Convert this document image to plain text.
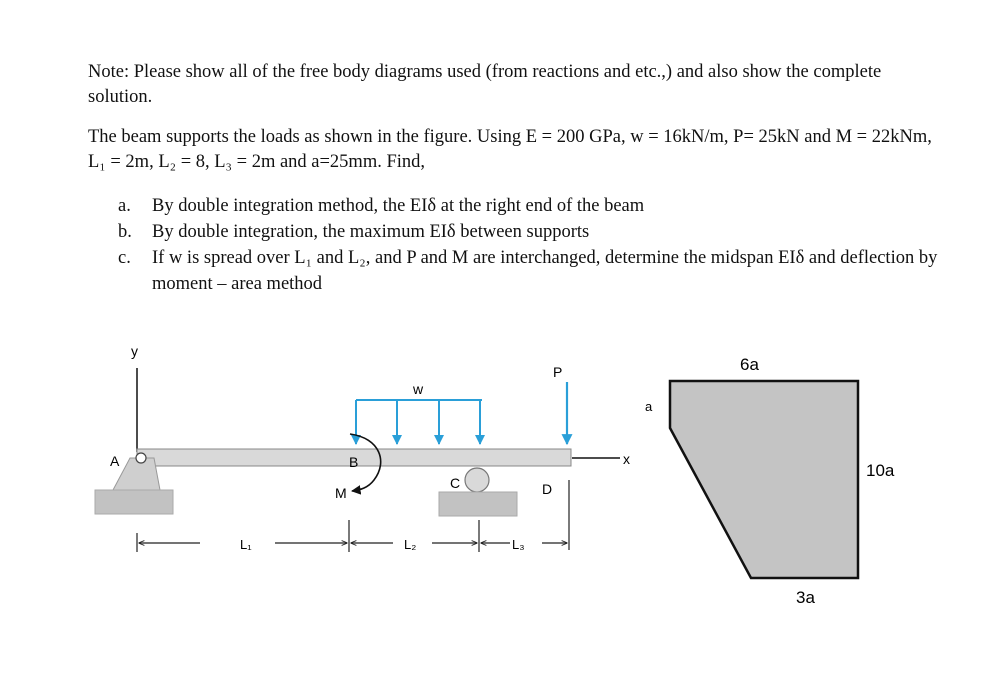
Note: Please show all of the free body diagrams used (from reactions and etc.,) and also show the complete solution.
The beam supports the loads as shown in the figure. Using E = 200 GPa, w = 16kN/m, P= 25kN and M = 22kNm, L₁ = 2m, L₂ = 8, L₃ = 2m and a=25mm. Find,
a. By double integration method, the EIδ at the right end of the beam
b. By double integration, the maximum EIδ between supports
c. If w is spread over L₁ and L₂, and P and M are interchanged, determine the midspan EIδ and deflection by moment – area method
y
x
A
C
B
D
w
P
M
L₁	L₂	L₃
6a
a
10a
3a
